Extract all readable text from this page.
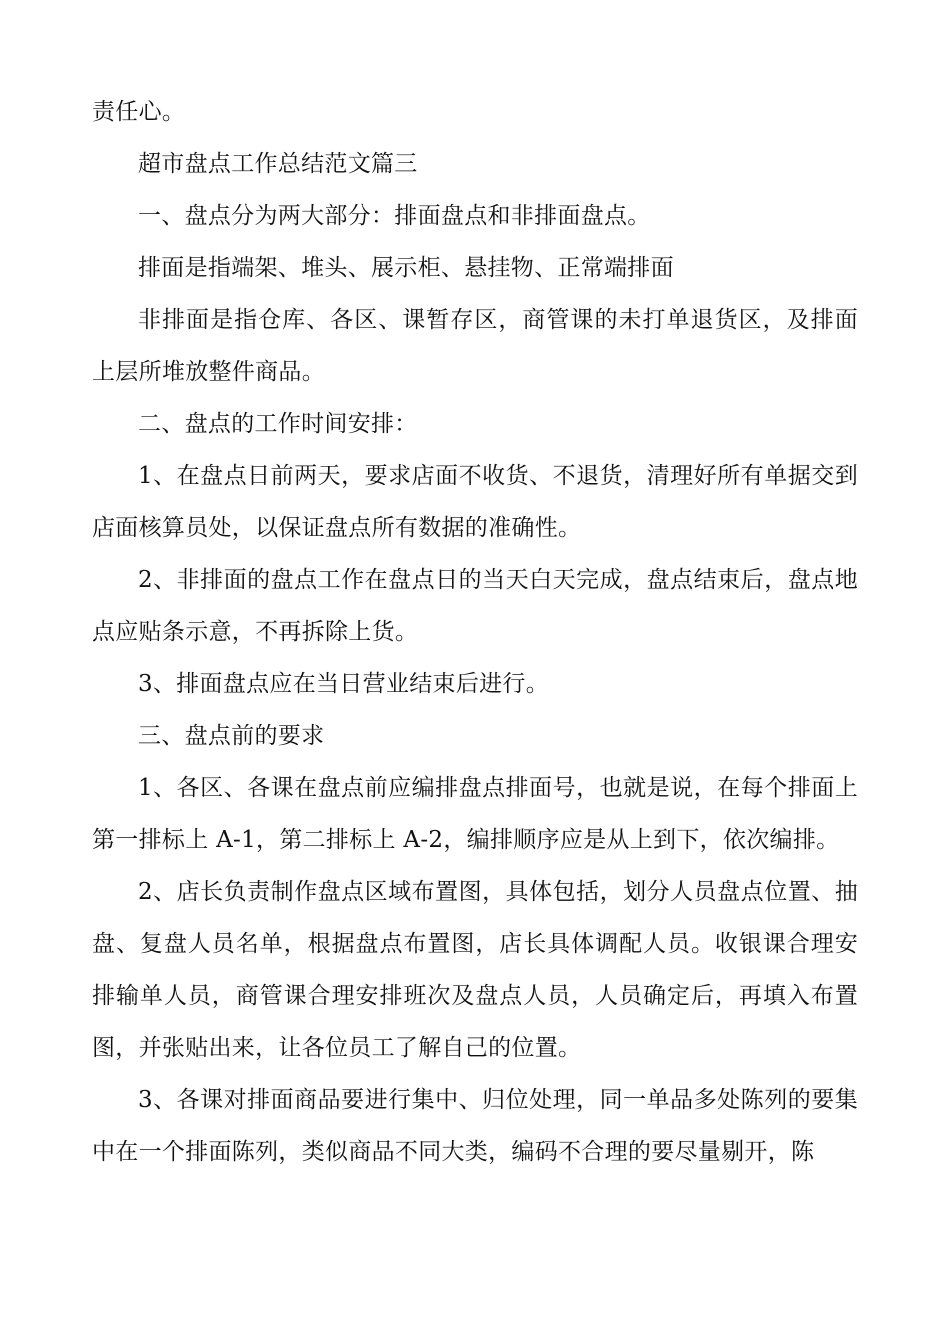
责任心。

超市盘点工作总结范文篇三

一、盘点分为两大部分：排面盘点和非排面盘点。

排面是指端架、堆头、展示柜、悬挂物、正常端排面

非排面是指仓库、各区、课暂存区，商管课的未打单退货区，及排面上层所堆放整件商品。

二、盘点的工作时间安排：

1、在盘点日前两天，要求店面不收货、不退货，清理好所有单据交到店面核算员处，以保证盘点所有数据的准确性。

2、非排面的盘点工作在盘点日的当天白天完成，盘点结束后，盘点地点应贴条示意，不再拆除上货。

3、排面盘点应在当日营业结束后进行。

三、盘点前的要求

1、各区、各课在盘点前应编排盘点排面号，也就是说，在每个排面上第一排标上 A-1，第二排标上 A-2，编排顺序应是从上到下，依次编排。

2、店长负责制作盘点区域布置图，具体包括，划分人员盘点位置、抽盘、复盘人员名单，根据盘点布置图，店长具体调配人员。收银课合理安排输单人员，商管课合理安排班次及盘点人员，人员确定后，再填入布置图，并张贴出来，让各位员工了解自己的位置。

3、各课对排面商品要进行集中、归位处理，同一单品多处陈列的要集中在一个排面陈列，类似商品不同大类，编码不合理的要尽量剔开，陈
